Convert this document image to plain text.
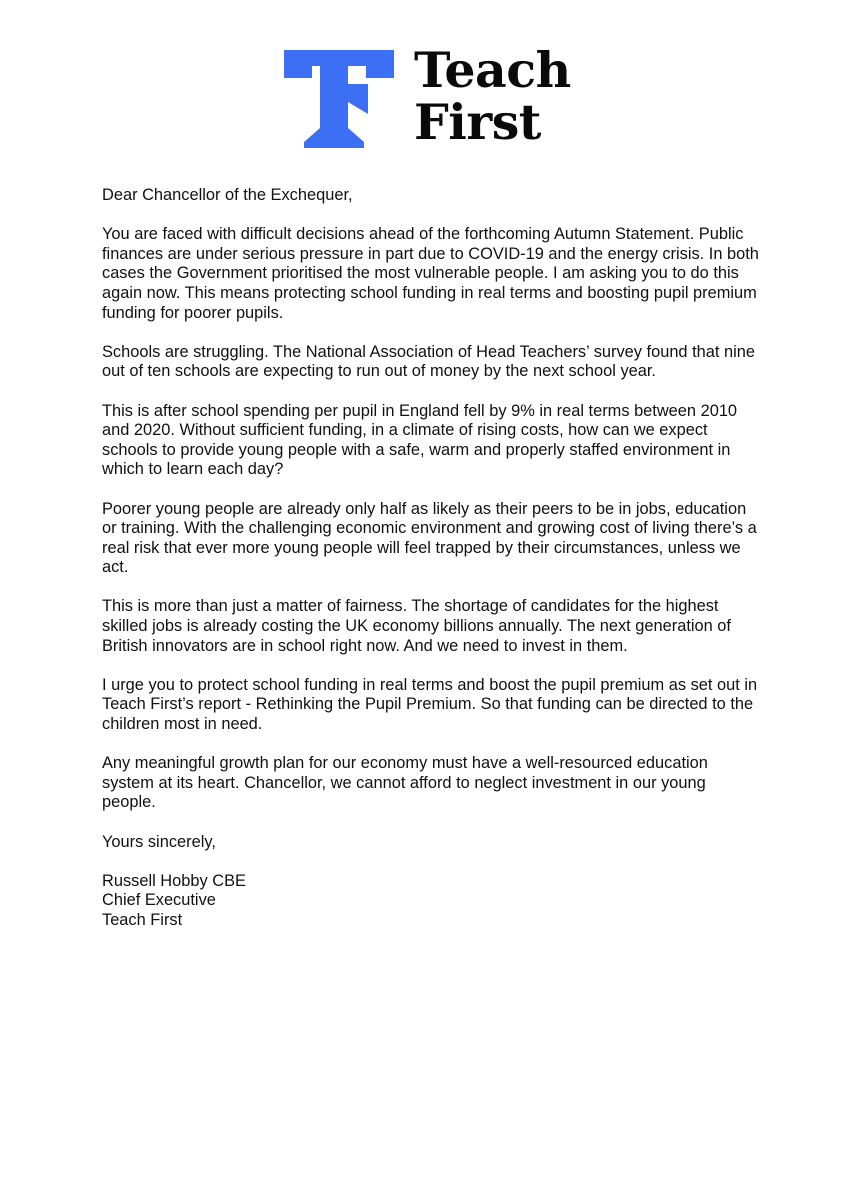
Teach
First

Dear Chancellor of the Exchequer,

You are faced with difficult decisions ahead of the forthcoming Autumn Statement. Public finances are under serious pressure in part due to COVID-19 and the energy crisis. In both cases the Government prioritised the most vulnerable people. I am asking you to do this again now. This means protecting school funding in real terms and boosting pupil premium funding for poorer pupils.

Schools are struggling. The National Association of Head Teachers’ survey found that nine out of ten schools are expecting to run out of money by the next school year.

This is after school spending per pupil in England fell by 9% in real terms between 2010 and 2020. Without sufficient funding, in a climate of rising costs, how can we expect schools to provide young people with a safe, warm and properly staffed environment in which to learn each day?

Poorer young people are already only half as likely as their peers to be in jobs, education or training. With the challenging economic environment and growing cost of living there’s a real risk that ever more young people will feel trapped by their circumstances, unless we act.

This is more than just a matter of fairness. The shortage of candidates for the highest skilled jobs is already costing the UK economy billions annually. The next generation of British innovators are in school right now. And we need to invest in them.

I urge you to protect school funding in real terms and boost the pupil premium as set out in Teach First’s report - Rethinking the Pupil Premium. So that funding can be directed to the children most in need.

Any meaningful growth plan for our economy must have a well-resourced education system at its heart. Chancellor, we cannot afford to neglect investment in our young people.

Yours sincerely,

Russell Hobby CBE
Chief Executive
Teach First
